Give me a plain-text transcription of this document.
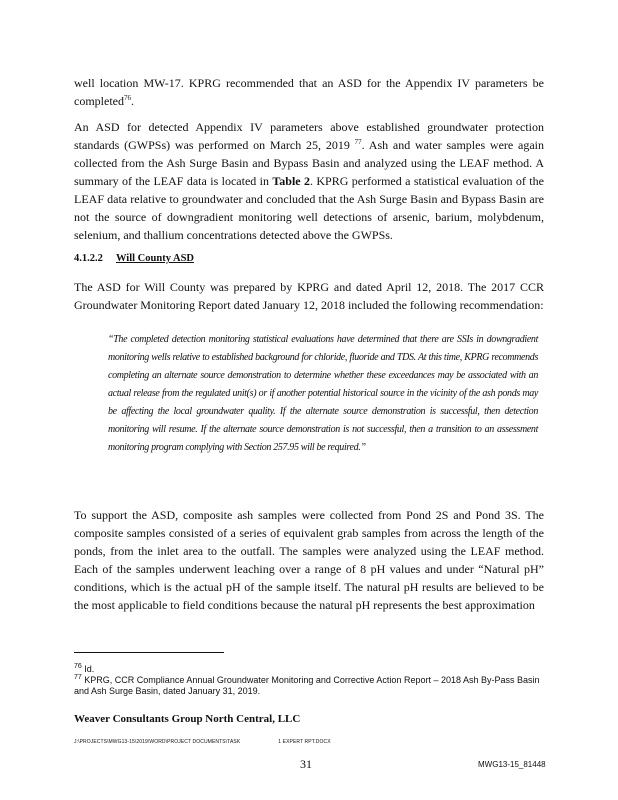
well location MW-17. KPRG recommended that an ASD for the Appendix IV parameters be completed$^{76}$.

An ASD for detected Appendix IV parameters above established groundwater protection standards (GWPSs) was performed on March 25, 2019 $^{77}$. Ash and water samples were again collected from the Ash Surge Basin and Bypass Basin and analyzed using the LEAF method. A summary of the LEAF data is located in Table 2. KPRG performed a statistical evaluation of the LEAF data relative to groundwater and concluded that the Ash Surge Basin and Bypass Basin are not the source of downgradient monitoring well detections of arsenic, barium, molybdenum, selenium, and thallium concentrations detected above the GWPSs.

4.1.2.2 Will County ASD

The ASD for Will County was prepared by KPRG and dated April 12, 2018. The 2017 CCR Groundwater Monitoring Report dated January 12, 2018 included the following recommendation:

“The completed detection monitoring statistical evaluations have determined that there are SSIs in downgradient monitoring wells relative to established background for chloride, fluoride and TDS. At this time, KPRG recommends completing an alternate source demonstration to determine whether these exceedances may be associated with an actual release from the regulated unit(s) or if another potential historical source in the vicinity of the ash ponds may be affecting the local groundwater quality. If the alternate source demonstration is successful, then detection monitoring will resume. If the alternate source demonstration is not successful, then a transition to an assessment monitoring program complying with Section 257.95 will be required.”

To support the ASD, composite ash samples were collected from Pond 2S and Pond 3S. The composite samples consisted of a series of equivalent grab samples from across the length of the ponds, from the inlet area to the outfall. The samples were analyzed using the LEAF method. Each of the samples underwent leaching over a range of 8 pH values and under “Natural pH” conditions, which is the actual pH of the sample itself. The natural pH results are believed to be the most applicable to field conditions because the natural pH represents the best approximation

$^{76}$ Id.

$^{77}$ KPRG, CCR Compliance Annual Groundwater Monitoring and Corrective Action Report – 2018 Ash By-Pass Basin and Ash Surge Basin, dated January 31, 2019.

Weaver Consultants Group North Central, LLC
J:\PROJECTS\MWG13-15\2019\WORD\PROJECT DOCUMENTS\TASK	1 EXPERT RPT.DOCX
31	MWG13-15_81448
